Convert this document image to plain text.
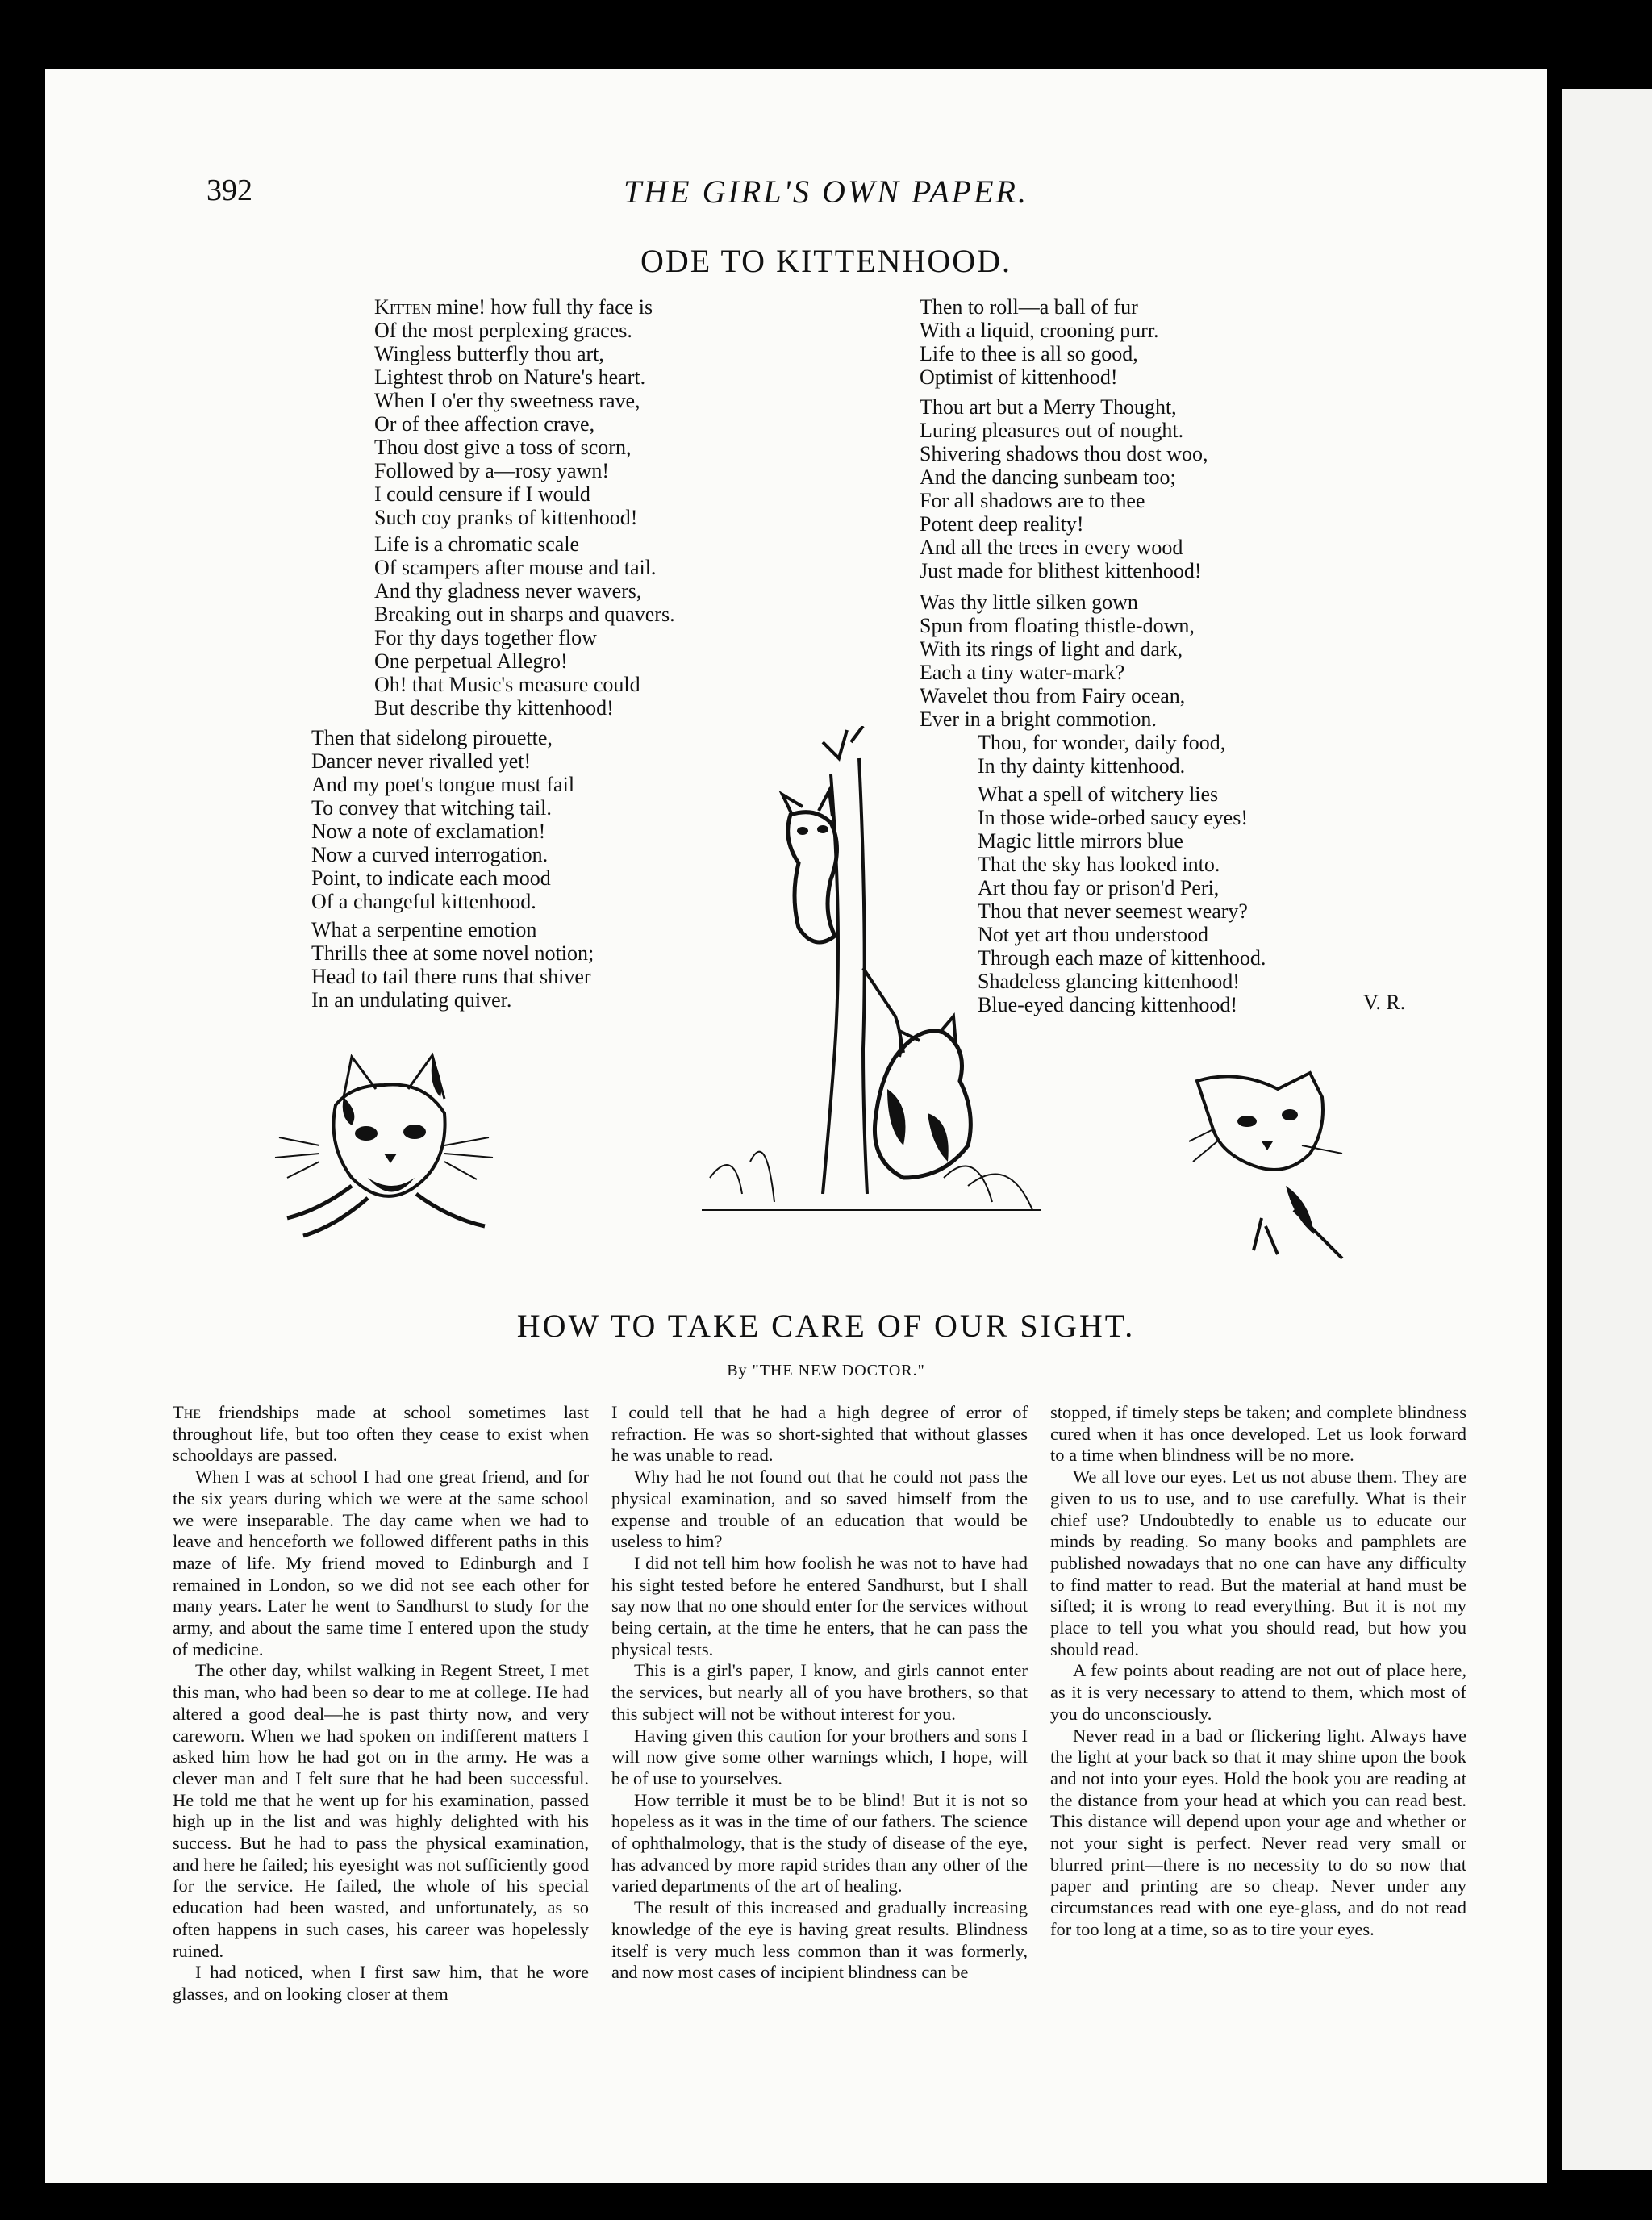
392	THE GIRL'S OWN PAPER.
ODE TO KITTENHOOD.
Kitten mine! how full thy face is
Of the most perplexing graces.
Wingless butterfly thou art,
Lightest throb on Nature's heart.
When I o'er thy sweetness rave,
Or of thee affection crave,
Thou dost give a toss of scorn,
Followed by a—rosy yawn!
I could censure if I would
Such coy pranks of kittenhood!
Life is a chromatic scale
Of scampers after mouse and tail.
And thy gladness never wavers,
Breaking out in sharps and quavers.
For thy days together flow
One perpetual Allegro!
Oh! that Music's measure could
But describe thy kittenhood!
Then that sidelong pirouette,
Dancer never rivalled yet!
And my poet's tongue must fail
To convey that witching tail.
Now a note of exclamation!
Now a curved interrogation.
Point, to indicate each mood
Of a changeful kittenhood.
What a serpentine emotion
Thrills thee at some novel notion;
Head to tail there runs that shiver
In an undulating quiver.
Then to roll—a ball of fur
With a liquid, crooning purr.
Life to thee is all so good,
Optimist of kittenhood!
Thou art but a Merry Thought,
Luring pleasures out of nought.
Shivering shadows thou dost woo,
And the dancing sunbeam too;
For all shadows are to thee
Potent deep reality!
And all the trees in every wood
Just made for blithest kittenhood!
Was thy little silken gown
Spun from floating thistle-down,
With its rings of light and dark,
Each a tiny water-mark?
Wavelet thou from Fairy ocean,
Ever in a bright commotion.
Thou, for wonder, daily food,
In thy dainty kittenhood.
What a spell of witchery lies
In those wide-orbed saucy eyes!
Magic little mirrors blue
That the sky has looked into.
Art thou fay or prison'd Peri,
Thou that never seemest weary?
Not yet art thou understood
Through each maze of kittenhood.
Shadeless glancing kittenhood!
Blue-eyed dancing kittenhood!	V. R.
HOW TO TAKE CARE OF OUR SIGHT.
By "THE NEW DOCTOR."

The friendships made at school sometimes last throughout life, but too often they cease to exist when schooldays are passed.

When I was at school I had one great friend, and for the six years during which we were at the same school we were inseparable. The day came when we had to leave and henceforth we followed different paths in this maze of life. My friend moved to Edinburgh and I remained in London, so we did not see each other for many years. Later he went to Sandhurst to study for the army, and about the same time I entered upon the study of medicine.

The other day, whilst walking in Regent Street, I met this man, who had been so dear to me at college. He had altered a good deal—he is past thirty now, and very careworn. When we had spoken on indifferent matters I asked him how he had got on in the army. He was a clever man and I felt sure that he had been successful. He told me that he went up for his examination, passed high up in the list and was highly delighted with his success. But he had to pass the physical examination, and here he failed; his eyesight was not sufficiently good for the service. He failed, the whole of his special education had been wasted, and unfortunately, as so often happens in such cases, his career was hopelessly ruined.

I had noticed, when I first saw him, that he wore glasses, and on looking closer at them

I could tell that he had a high degree of error of refraction. He was so short-sighted that without glasses he was unable to read.

Why had he not found out that he could not pass the physical examination, and so saved himself from the expense and trouble of an education that would be useless to him?

I did not tell him how foolish he was not to have had his sight tested before he entered Sandhurst, but I shall say now that no one should enter for the services without being certain, at the time he enters, that he can pass the physical tests.

This is a girl's paper, I know, and girls cannot enter the services, but nearly all of you have brothers, so that this subject will not be without interest for you.

Having given this caution for your brothers and sons I will now give some other warnings which, I hope, will be of use to yourselves.

How terrible it must be to be blind! But it is not so hopeless as it was in the time of our fathers. The science of ophthalmology, that is the study of disease of the eye, has advanced by more rapid strides than any other of the varied departments of the art of healing.

The result of this increased and gradually increasing knowledge of the eye is having great results. Blindness itself is very much less common than it was formerly, and now most cases of incipient blindness can be

stopped, if timely steps be taken; and complete blindness cured when it has once developed. Let us look forward to a time when blindness will be no more.

We all love our eyes. Let us not abuse them. They are given to us to use, and to use carefully. What is their chief use? Undoubtedly to enable us to educate our minds by reading. So many books and pamphlets are published nowadays that no one can have any difficulty to find matter to read. But the material at hand must be sifted; it is wrong to read everything. But it is not my place to tell you what you should read, but how you should read.

A few points about reading are not out of place here, as it is very necessary to attend to them, which most of you do unconsciously.

Never read in a bad or flickering light. Always have the light at your back so that it may shine upon the book and not into your eyes. Hold the book you are reading at the distance from your head at which you can read best. This distance will depend upon your age and whether or not your sight is perfect. Never read very small or blurred print—there is no necessity to do so now that paper and printing are so cheap. Never under any circumstances read with one eye-glass, and do not read for too long at a time, so as to tire your eyes.
